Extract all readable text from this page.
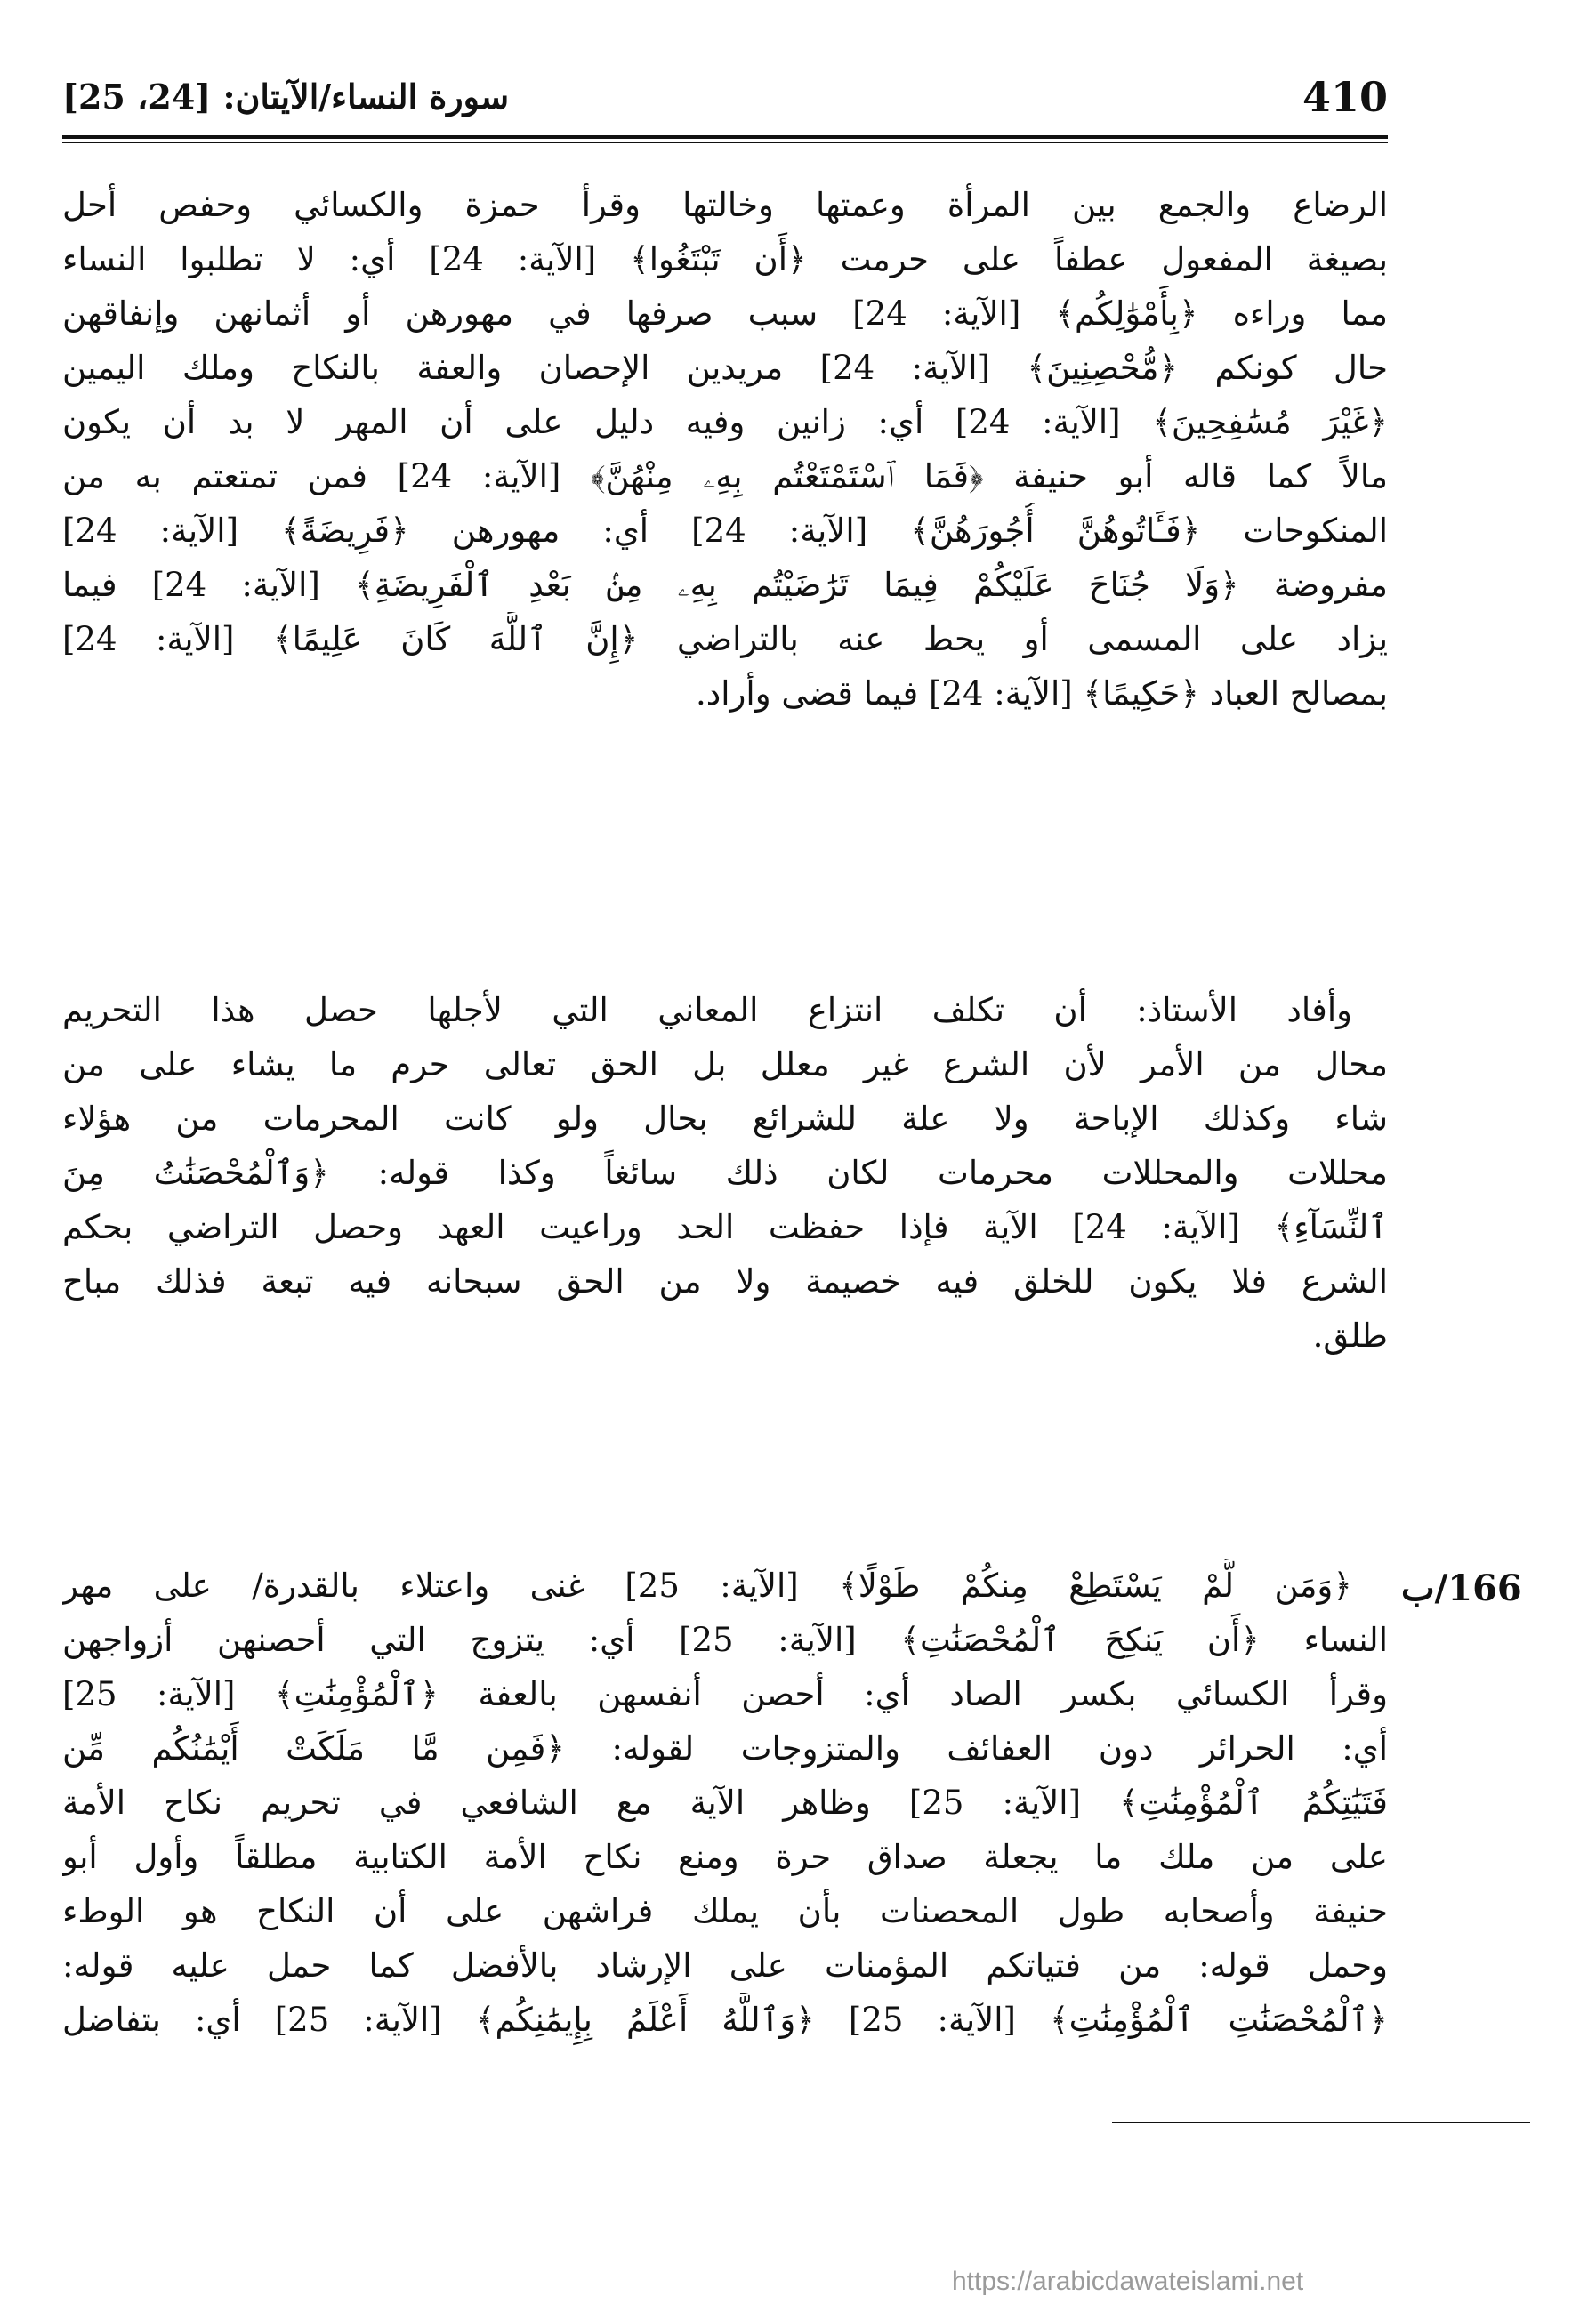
410
سورة النساء/الآيتان: [24، 25]
الرضاع والجمع بين المرأة وعمتها وخالتها وقرأ حمزة والكسائي وحفص أحل
بصيغة المفعول عطفاً على حرمت ﴿أَن تَبْتَغُوا﴾ [الآية: 24] أي: لا تطلبوا النساء
مما وراءه ﴿بِأَمْوَٰلِكُم﴾ [الآية: 24] سبب صرفها في مهورهن أو أثمانهن وإنفاقهن
حال كونكم ﴿مُّحْصِنِينَ﴾ [الآية: 24] مريدين الإحصان والعفة بالنكاح وملك اليمين
﴿غَيْرَ مُسَٰفِحِينَ﴾ [الآية: 24] أي: زانين وفيه دليل على أن المهر لا بد أن يكون
مالاً كما قاله أبو حنيفة ﴿فَمَا ٱسْتَمْتَعْتُم بِهِۦ مِنْهُنَّ﴾ [الآية: 24] فمن تمتعتم به من
المنكوحات ﴿فَـَٔاتُوهُنَّ أُجُورَهُنَّ﴾ [الآية: 24] أي: مهورهن ﴿فَرِيضَةً﴾ [الآية: 24]
مفروضة ﴿وَلَا جُنَاحَ عَلَيْكُمْ فِيمَا تَرَٰضَيْتُم بِهِۦ مِنۢ بَعْدِ ٱلْفَرِيضَةِ﴾ [الآية: 24] فيما
يزاد على المسمى أو يحط عنه بالتراضي ﴿إِنَّ ٱللَّهَ كَانَ عَلِيمًا﴾ [الآية: 24]
بمصالح العباد ﴿حَكِيمًا﴾ [الآية: 24] فيما قضى وأراد.
وأفاد الأستاذ: أن تكلف انتزاع المعاني التي لأجلها حصل هذا التحريم
محال من الأمر لأن الشرع غير معلل بل الحق تعالى حرم ما يشاء على من
شاء وكذلك الإباحة ولا علة للشرائع بحال ولو كانت المحرمات من هؤلاء
محللات والمحللات محرمات لكان ذلك سائغاً وكذا قوله: ﴿وَٱلْمُحْصَنَٰتُ مِنَ
ٱلنِّسَآءِ﴾ [الآية: 24] الآية فإذا حفظت الحد وراعيت العهد وحصل التراضي بحكم
الشرع فلا يكون للخلق فيه خصيمة ولا من الحق سبحانه فيه تبعة فذلك مباح
طلق.
166/ب
﴿وَمَن لَّمْ يَسْتَطِعْ مِنكُمْ طَوْلًا﴾ [الآية: 25] غنى واعتلاء بالقدرة/ على مهر
النساء ﴿أَن يَنكِحَ ٱلْمُحْصَنَٰتِ﴾ [الآية: 25] أي: يتزوج التي أحصنهن أزواجهن
وقرأ الكسائي بكسر الصاد أي: أحصن أنفسهن بالعفة ﴿ٱلْمُؤْمِنَٰتِ﴾ [الآية: 25]
أي: الحرائر دون العفائف والمتزوجات لقوله: ﴿فَمِن مَّا مَلَكَتْ أَيْمَٰنُكُم مِّن
فَتَيَٰتِكُمُ ٱلْمُؤْمِنَٰتِ﴾ [الآية: 25] وظاهر الآية مع الشافعي في تحريم نكاح الأمة
على من ملك ما يجعلة صداق حرة ومنع نكاح الأمة الكتابية مطلقاً وأول أبو
حنيفة وأصحابه طول المحصنات بأن يملك فراشهن على أن النكاح هو الوطء
وحمل قوله: من فتياتكم المؤمنات على الإرشاد بالأفضل كما حمل عليه قوله:
﴿ٱلْمُحْصَنَٰتِ ٱلْمُؤْمِنَٰتِ﴾ [الآية: 25] ﴿وَٱللَّهُ أَعْلَمُ بِإِيمَٰنِكُم﴾ [الآية: 25] أي: بتفاضل
https://arabicdawateislami.net
